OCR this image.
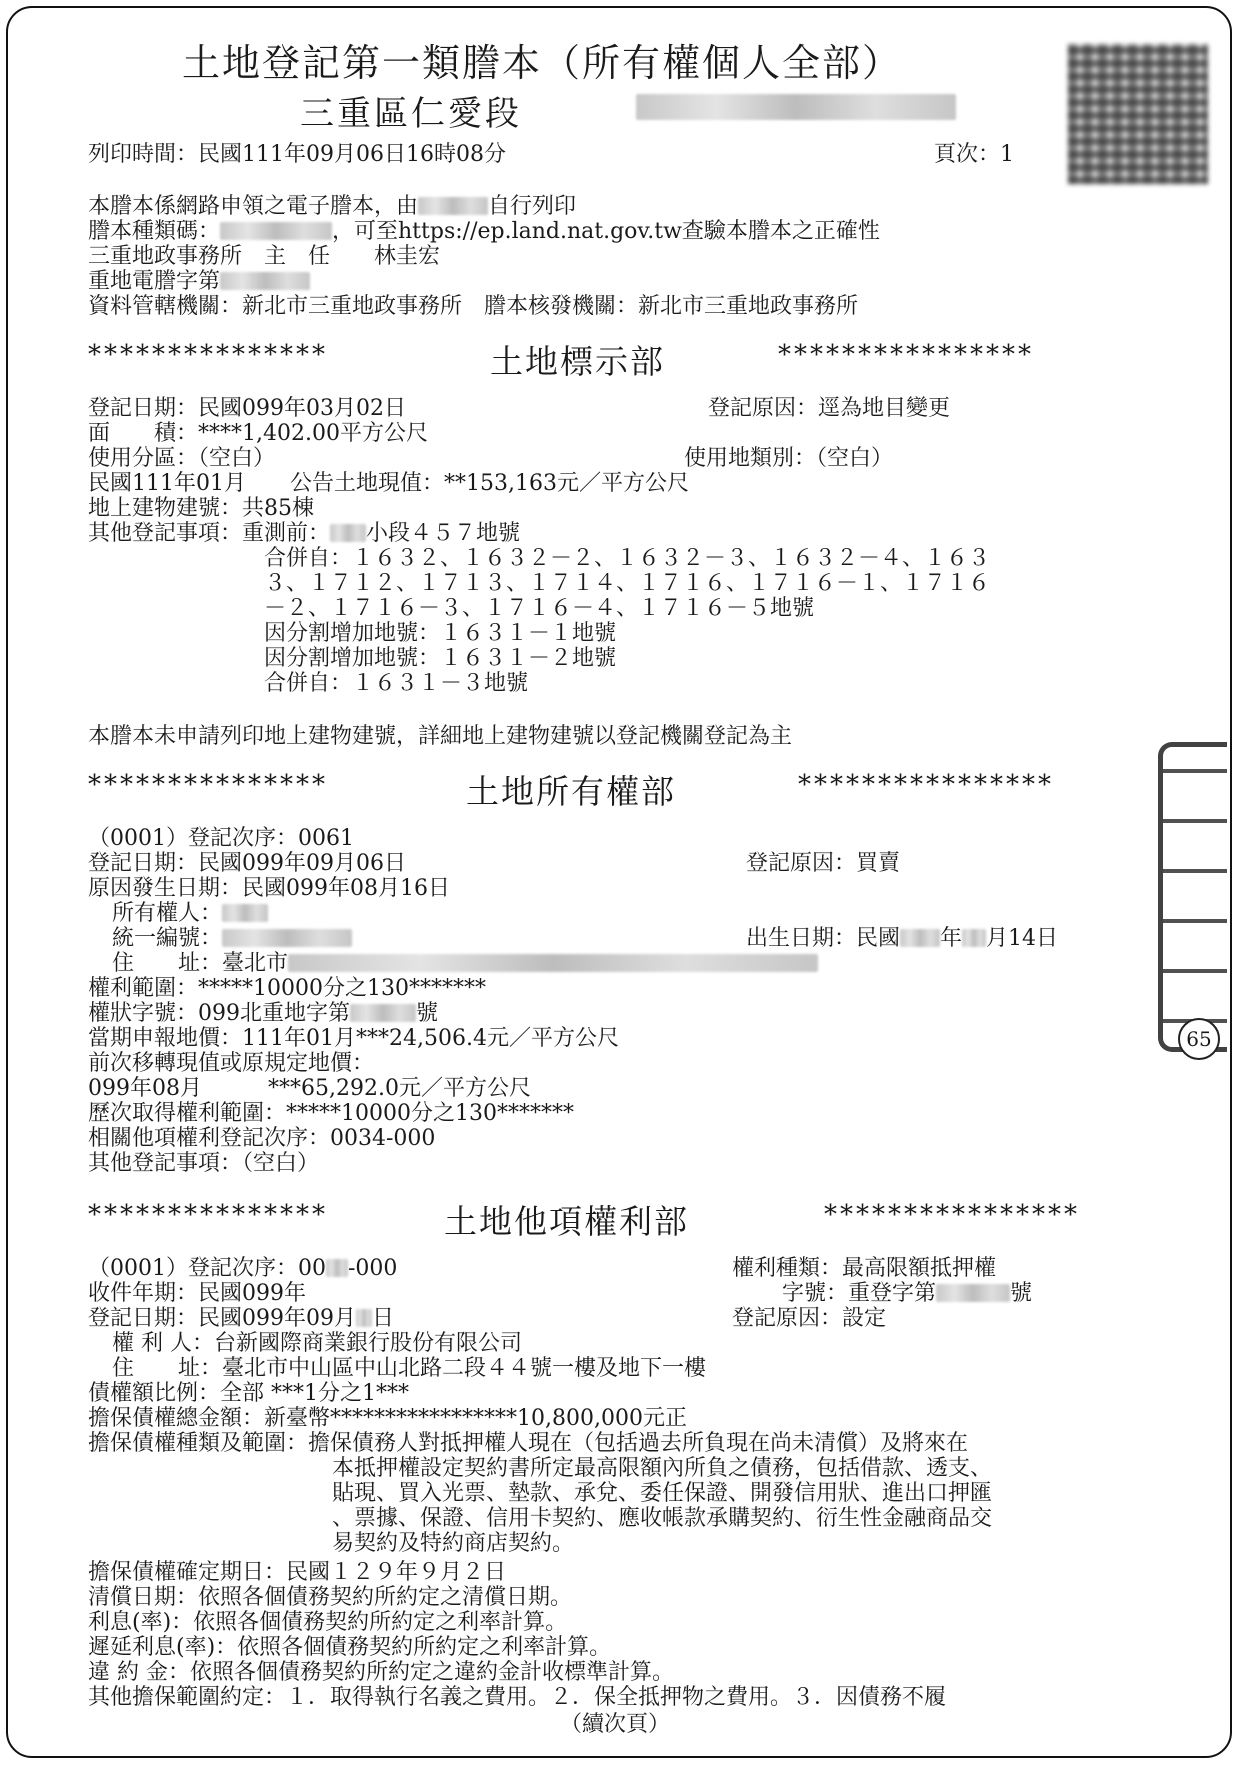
65
土地登記第一類謄本（所有權個人全部）
三重區仁愛段
列印時間：民國111年09月06日16時08分	頁次：1
本謄本係網路申領之電子謄本，由	自行列印
謄本種類碼：	，可至https://ep.land.nat.gov.tw查驗本謄本之正確性
三重地政事務所　主　任　　林圭宏
重地電謄字第
資料管轄機關：新北市三重地政事務所　謄本核發機關：新北市三重地政事務所
***************	土地標示部	****************
登記日期：民國099年03月02日	登記原因：逕為地目變更
面　　積：****1,402.00平方公尺
使用分區：（空白）	使用地類別：（空白）
民國111年01月　　公告土地現值：**153,163元／平方公尺
地上建物建號：共85棟
其他登記事項：重測前： 小段４５７地號
合併自：１６３２、１６３２－２、１６３２－３、１６３２－４、１６３
３、１７１２、１７１３、１７１４、１７１６、１７１６－１、１７１６
－２、１７１６－３、１７１６－４、１７１６－５地號
因分割增加地號：１６３１－１地號
因分割增加地號：１６３１－２地號
合併自：１６３１－３地號
本謄本未申請列印地上建物建號，詳細地上建物建號以登記機關登記為主
***************	土地所有權部	****************
（0001）登記次序：0061
登記日期：民國099年09月06日	登記原因：買賣
原因發生日期：民國099年08月16日
所有權人：
統一編號：	出生日期：民國 年 月14日
住　　址：臺北市
權利範圍：*****10000分之130*******
權狀字號：099北重地字第	號
當期申報地價：111年01月***24,506.4元／平方公尺
前次移轉現值或原規定地價：
099年08月　　　***65,292.0元／平方公尺
歷次取得權利範圍：*****10000分之130*******
相關他項權利登記次序：0034-000
其他登記事項：（空白）
***************	土地他項權利部	****************
（0001）登記次序：00 -000	權利種類：最高限額抵押權
收件年期：民國099年	字號：重登字第	號
登記日期：民國099年09月 日	登記原因：設定
權 利 人：台新國際商業銀行股份有限公司
住　　址：臺北市中山區中山北路二段４４號一樓及地下一樓
債權額比例：全部 ***1分之1***
擔保債權總金額：新臺幣*****************10,800,000元正
擔保債權種類及範圍：擔保債務人對抵押權人現在（包括過去所負現在尚未清償）及將來在
本抵押權設定契約書所定最高限額內所負之債務，包括借款、透支、
貼現、買入光票、墊款、承兌、委任保證、開發信用狀、進出口押匯
、票據、保證、信用卡契約、應收帳款承購契約、衍生性金融商品交
易契約及特約商店契約。
擔保債權確定期日：民國１２９年９月２日
清償日期：依照各個債務契約所約定之清償日期。
利息(率)：依照各個債務契約所約定之利率計算。
遲延利息(率)：依照各個債務契約所約定之利率計算。
違 約 金：依照各個債務契約所約定之違約金計收標準計算。
其他擔保範圍約定：１．取得執行名義之費用。２．保全抵押物之費用。３．因債務不履
（續次頁）
